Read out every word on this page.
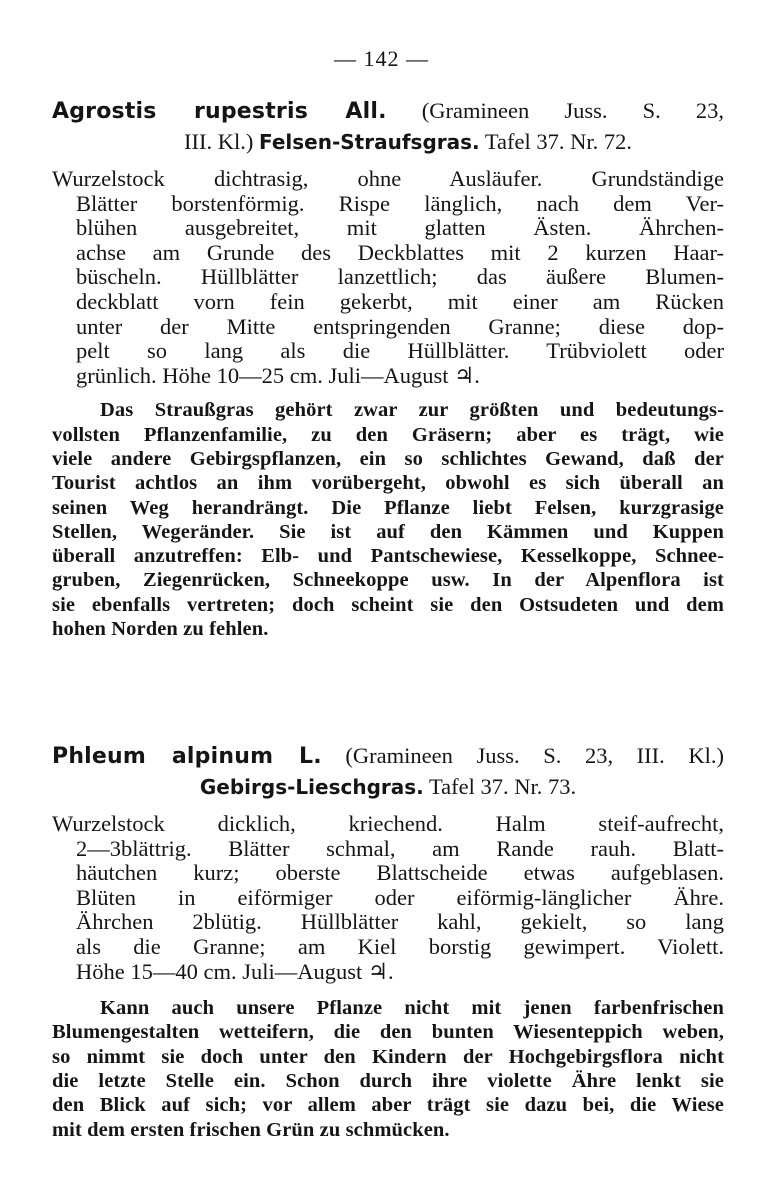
— 142 —
Agrostis rupestris All. (Gramineen Juss. S. 23,
III. Kl.) Felsen-Straufsgras. Tafel 37. Nr. 72.
Wurzelstock dichtrasig, ohne Ausläufer. Grundständige
Blätter borstenförmig. Rispe länglich, nach dem Ver-
blühen ausgebreitet, mit glatten Ästen. Ährchen-
achse am Grunde des Deckblattes mit 2 kurzen Haar-
büscheln. Hüllblätter lanzettlich; das äußere Blumen-
deckblatt vorn fein gekerbt, mit einer am Rücken
unter der Mitte entspringenden Granne; diese dop-
pelt so lang als die Hüllblätter. Trübviolett oder
grünlich. Höhe 10—25 cm. Juli—August ♃.
Das Straußgras gehört zwar zur größten und bedeutungs-
vollsten Pflanzenfamilie, zu den Gräsern; aber es trägt, wie
viele andere Gebirgspflanzen, ein so schlichtes Gewand, daß der
Tourist achtlos an ihm vorübergeht, obwohl es sich überall an
seinen Weg herandrängt. Die Pflanze liebt Felsen, kurzgrasige
Stellen, Wegeränder. Sie ist auf den Kämmen und Kuppen
überall anzutreffen: Elb- und Pantschewiese, Kesselkoppe, Schnee-
gruben, Ziegenrücken, Schneekoppe usw. In der Alpenflora ist
sie ebenfalls vertreten; doch scheint sie den Ostsudeten und dem
hohen Norden zu fehlen.
Phleum alpinum L. (Gramineen Juss. S. 23, III. Kl.)
Gebirgs-Lieschgras. Tafel 37. Nr. 73.
Wurzelstock dicklich, kriechend. Halm steif-aufrecht,
2—3blättrig. Blätter schmal, am Rande rauh. Blatt-
häutchen kurz; oberste Blattscheide etwas aufgeblasen.
Blüten in eiförmiger oder eiförmig-länglicher Ähre.
Ährchen 2blütig. Hüllblätter kahl, gekielt, so lang
als die Granne; am Kiel borstig gewimpert. Violett.
Höhe 15—40 cm. Juli—August ♃.
Kann auch unsere Pflanze nicht mit jenen farbenfrischen
Blumengestalten wetteifern, die den bunten Wiesenteppich weben,
so nimmt sie doch unter den Kindern der Hochgebirgsflora nicht
die letzte Stelle ein. Schon durch ihre violette Ähre lenkt sie
den Blick auf sich; vor allem aber trägt sie dazu bei, die Wiese
mit dem ersten frischen Grün zu schmücken.
